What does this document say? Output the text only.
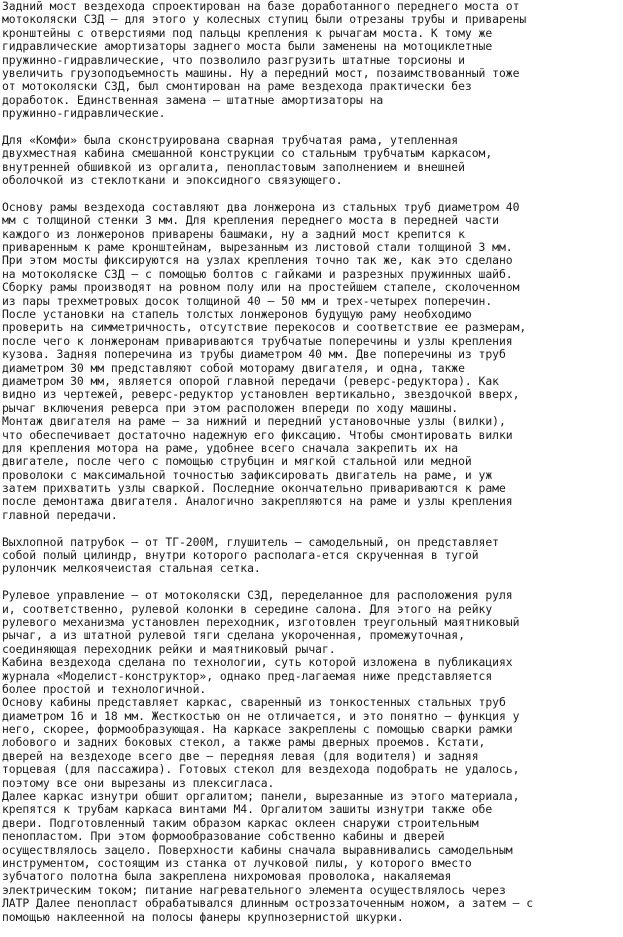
Задний мост вездехода спроектирован на базе доработанного переднего моста от
мотоколяски СЗД – для этого у колесных ступиц были отрезаны трубы и приварены
кронштейны с отверстиями под пальцы крепления к рычагам моста. К тому же
гидравлические амортизаторы заднего моста были заменены на мотоциклетные
пружинно-гидравлические, что позволило разгрузить штатные торсионы и
увеличить грузоподъемность машины. Ну а передний мост, позаимствованный тоже
от мотоколяски СЗД, был смонтирован на раме вездехода практически без
доработок. Единственная замена – штатные амортизаторы на
пружинно-гидравлические.
Для «Комфи» была сконструирована сварная трубчатая рама, утепленная
двухместная кабина смешанной конструкции со стальным трубчатым каркасом,
внутренней обшивкой из оргалита, пенопластовым заполнением и внешней
оболочкой из стеклоткани и эпоксидного связующего.
Основу рамы вездехода составляют два лонжерона из стальных труб диаметром 40
мм с толщиной стенки 3 мм. Для крепления переднего моста в передней части
каждого из лонжеронов приварены башмаки, ну а задний мост крепится к
приваренным к раме кронштейнам, вырезанным из листовой стали толщиной 3 мм.
При этом мосты фиксируются на узлах крепления точно так же, как это сделано
на мотоколяске СЗД – с помощью болтов с гайками и разрезных пружинных шайб.
Сборку рамы производят на ровном полу или на простейшем стапеле, сколоченном
из пары трехметровых досок толщиной 40 – 50 мм и трех-четырех поперечин.
После установки на стапель толстых лонжеронов будущую раму необходимо
проверить на симметричность, отсутствие перекосов и соответствие ее размерам,
после чего к лонжеронам привариваются трубчатые поперечины и узлы крепления
кузова. Задняя поперечина из трубы диаметром 40 мм. Две поперечины из труб
диаметром 30 мм представляют собой моторамy двигателя, и одна, также
диаметром 30 мм, является опорой главной передачи (реверс-редуктора). Как
видно из чертежей, реверс-редуктор установлен вертикально, звездочкой вверх,
рычаг включения реверса при этом расположен впереди по ходу машины.
Монтаж двигателя на раме – за нижний и передний установочные узлы (вилки),
что обеспечивает достаточно надежную его фиксацию. Чтобы смонтировать вилки
для крепления мотора на раме, удобнее всего сначала закрепить их на
двигателе, после чего с помощью струбцин и мягкой стальной или медной
проволоки с максимальной точностью зафиксировать двигатель на раме, и уж
затем прихватить узлы сваркой. Последние окончательно привариваются к раме
после демонтажа двигателя. Аналогично закрепляются на раме и узлы крепления
главной передачи.
Выхлопной патрубок – от ТГ-200М, глушитель – самодельный, он представляет
собой полый цилиндр, внутри которого располага-ется скрученная в тугой
рулончик мелкоячеистая стальная сетка.
Рулевое управление – от мотоколяски СЗД, переделанное для расположения руля
и, соответственно, рулевой колонки в середине салона. Для этого на рейку
рулевого механизма установлен переходник, изготовлен треугольный маятниковый
рычаг, а из штатной рулевой тяги сделана укороченная, промежуточная,
соединяющая переходник рейки и маятниковый рычаг.
Кабина вездехода сделана по технологии, суть которой изложена в публикациях
журнала «Моделист-конструктор», однако пред-лагаемая ниже представляется
более простой и технологичной.
Основу кабины представляет каркас, сваренный из тонкостенных стальных труб
диаметром 16 и 18 мм. Жесткостью он не отличается, и это понятно – функция у
него, скорее, формообразующая. На каркасе закреплены с помощью сварки рамки
лобового и задних боковых стекол, а также рамы дверных проемов. Кстати,
дверей на вездеходе всего две – передняя левая (для водителя) и задняя
торцевая (для пассажира). Готовых стекол для вездехода подобрать не удалось,
поэтому все они вырезаны из плексигласа.
Далее каркас изнутри обшит оргалитом; панели, вырезанные из этого материала,
крепятся к трубам каркаса винтами М4. Оргалитом зашиты изнутри также обе
двери. Подготовленный таким образом каркас оклеен снаружи строительным
пенопластом. При этом формообразование собственно кабины и дверей
осуществлялось зацело. Поверхности кабины сначала выравнивались самодельным
инструментом, состоящим из станка от лучковой пилы, у которого вместо
зубчатого полотна была закреплена нихромовая проволока, накаляемая
электрическим током; питание нагревательного элемента осуществлялось через
ЛАТР Далее пенопласт обрабатывался длинным остроззаточенным ножом, а затем – с
помощью наклеенной на полосы фанеры крупнозернистой шкурки.
